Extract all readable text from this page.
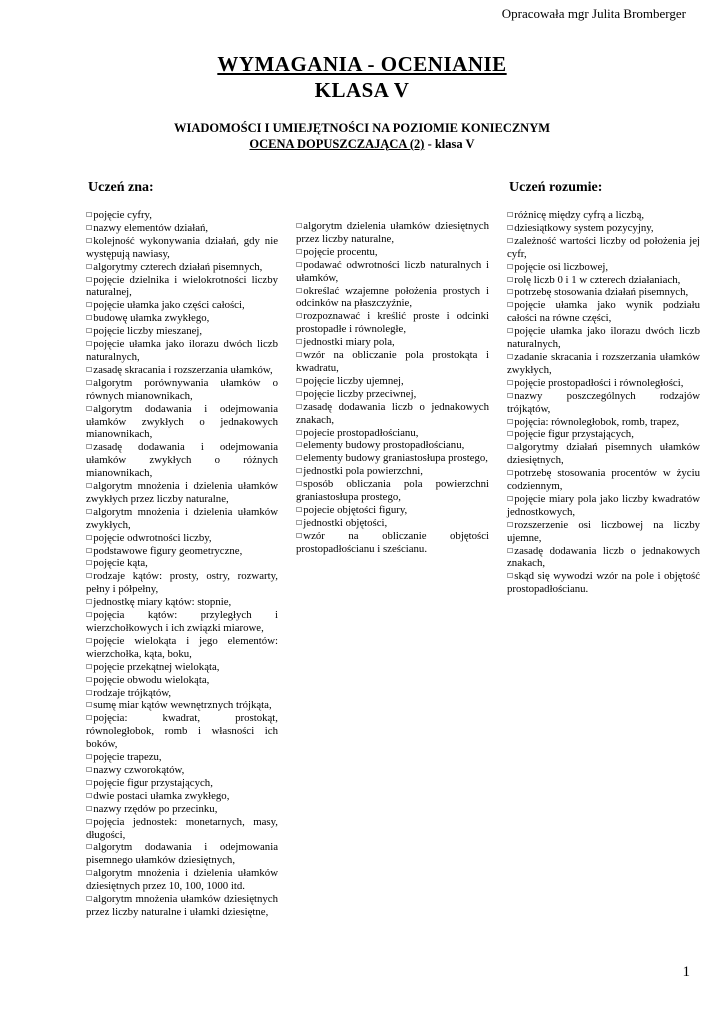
Opracowała mgr Julita Bromberger
WYMAGANIA - OCENIANIE
KLASA V
WIADOMOŚCI I UMIEJĘTNOŚCI NA POZIOMIE KONIECZNYM
OCENA DOPUSZCZAJĄCA (2) - klasa V
Uczeń zna:	Uczeń rozumie:
☐ pojęcie cyfry,
☐ nazwy elementów działań,
☐ kolejność wykonywania działań, gdy nie występują nawiasy,
☐ algorytmy czterech działań pisemnych,
☐ pojęcie dzielnika i wielokrotności liczby naturalnej,
☐ pojęcie ułamka jako części całości,
☐ budowę ułamka zwykłego,
☐ pojęcie liczby mieszanej,
☐ pojęcie ułamka jako ilorazu dwóch liczb naturalnych,
☐ zasadę skracania i rozszerzania ułamków,
☐ algorytm porównywania ułamków o równych mianownikach,
☐ algorytm dodawania i odejmowania ułamków zwykłych o jednakowych mianownikach,
☐ zasadę dodawania i odejmowania ułamków zwykłych o różnych mianownikach,
☐ algorytm mnożenia i dzielenia ułamków zwykłych przez liczby naturalne,
☐ algorytm mnożenia i dzielenia ułamków zwykłych,
☐ pojęcie odwrotności liczby,
☐ podstawowe figury geometryczne,
☐ pojęcie kąta,
☐ rodzaje kątów: prosty, ostry, rozwarty, pełny i półpełny,
☐ jednostkę miary kątów: stopnie,
☐ pojęcia kątów: przyległych i wierzchołkowych i ich związki miarowe,
☐ pojęcie wielokąta i jego elementów: wierzchołka, kąta, boku,
☐ pojęcie przekątnej wielokąta,
☐ pojęcie obwodu wielokąta,
☐ rodzaje trójkątów,
☐ sumę miar kątów wewnętrznych trójkąta,
☐ pojęcia: kwadrat, prostokąt, równoległobok, romb i własności ich boków,
☐ pojęcie trapezu,
☐ nazwy czworokątów,
☐ pojęcie figur przystających,
☐ dwie postaci ułamka zwykłego,
☐ nazwy rzędów po przecinku,
☐ pojęcia jednostek: monetarnych, masy, długości,
☐ algorytm dodawania i odejmowania pisemnego ułamków dziesiętnych,
☐ algorytm mnożenia i dzielenia ułamków dziesiętnych przez 10, 100, 1000 itd.
☐ algorytm mnożenia ułamków dziesiętnych przez liczby naturalne i ułamki dziesiętne,
☐ algorytm dzielenia ułamków dziesiętnych przez liczby naturalne,
☐ pojęcie procentu,
☐ podawać odwrotności liczb naturalnych i ułamków,
☐ określać wzajemne położenia prostych i odcinków na płaszczyźnie,
☐ rozpoznawać i kreślić proste i odcinki prostopadłe i równoległe,
☐ jednostki miary pola,
☐ wzór na obliczanie pola prostokąta i kwadratu,
☐ pojęcie liczby ujemnej,
☐ pojęcie liczby przeciwnej,
☐ zasadę dodawania liczb o jednakowych znakach,
☐ pojecie prostopadłościanu,
☐ elementy budowy prostopadłościanu,
☐ elementy budowy graniastosłupa prostego,
☐ jednostki pola powierzchni,
☐ sposób obliczania pola powierzchni graniastosłupa prostego,
☐ pojecie objętości figury,
☐ jednostki objętości,
☐ wzór na obliczanie objętości prostopadłościanu i sześcianu.
☐ różnicę między cyfrą a liczbą,
☐ dziesiątkowy system pozycyjny,
☐ zależność wartości liczby od położenia jej cyfr,
☐ pojęcie osi liczbowej,
☐ rolę liczb 0 i 1 w czterech działaniach,
☐ potrzebę stosowania działań pisemnych,
☐ pojęcie ułamka jako wynik podziału całości na równe części,
☐ pojęcie ułamka jako ilorazu dwóch liczb naturalnych,
☐ zadanie skracania i rozszerzania ułamków zwykłych,
☐ pojęcie prostopadłości i równoległości,
☐ nazwy poszczególnych rodzajów trójkątów,
☐ pojęcia: równoległobok, romb, trapez,
☐ pojęcie figur przystających,
☐ algorytmy działań pisemnych ułamków dziesiętnych,
☐ potrzebę stosowania procentów w życiu codziennym,
☐ pojęcie miary pola jako liczby kwadratów jednostkowych,
☐ rozszerzenie osi liczbowej na liczby ujemne,
☐ zasadę dodawania liczb o jednakowych znakach,
☐ skąd się wywodzi wzór na pole i objętość prostopadłościanu.
1
